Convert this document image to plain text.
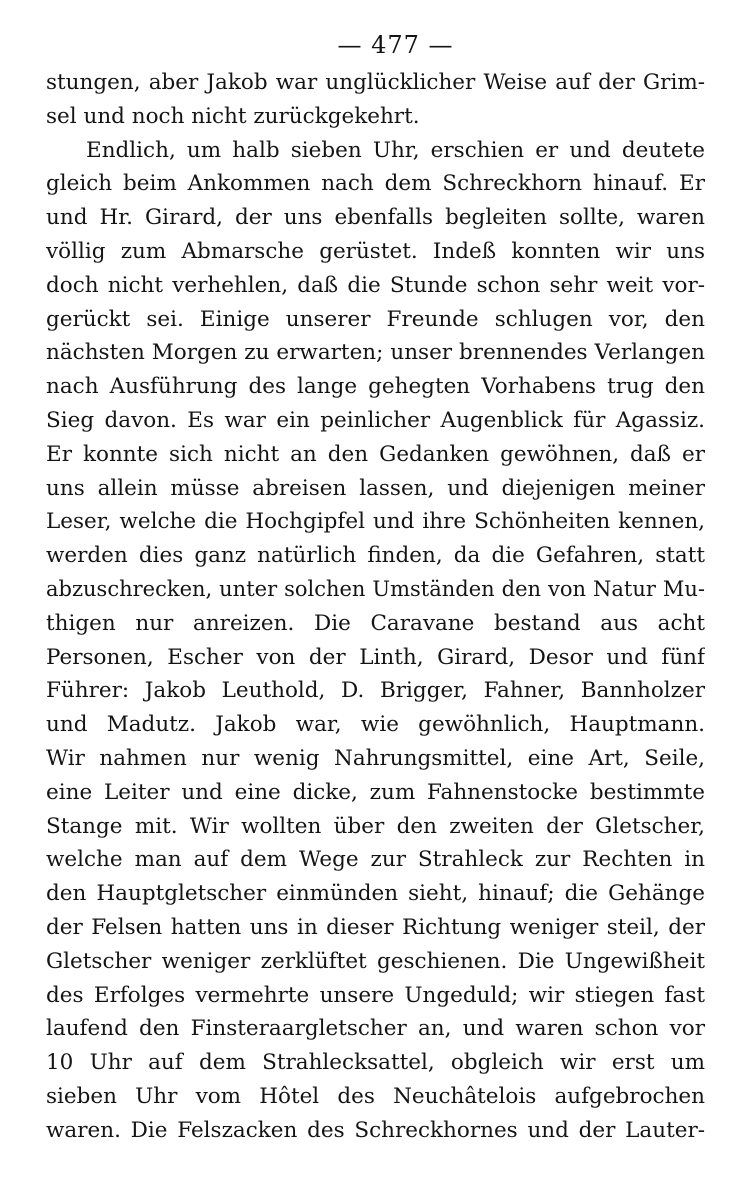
— 477 —
stungen, aber Jakob war unglücklicher Weise auf der Grim-
sel und noch nicht zurückgekehrt.
Endlich, um halb sieben Uhr, erschien er und deutete
gleich beim Ankommen nach dem Schreckhorn hinauf. Er
und Hr. Girard, der uns ebenfalls begleiten sollte, waren
völlig zum Abmarsche gerüstet. Indeß konnten wir uns
doch nicht verhehlen, daß die Stunde schon sehr weit vor-
gerückt sei. Einige unserer Freunde schlugen vor, den
nächsten Morgen zu erwarten; unser brennendes Verlangen
nach Ausführung des lange gehegten Vorhabens trug den
Sieg davon. Es war ein peinlicher Augenblick für Agassiz.
Er konnte sich nicht an den Gedanken gewöhnen, daß er
uns allein müsse abreisen lassen, und diejenigen meiner
Leser, welche die Hochgipfel und ihre Schönheiten kennen,
werden dies ganz natürlich finden, da die Gefahren, statt
abzuschrecken, unter solchen Umständen den von Natur Mu-
thigen nur anreizen. Die Caravane bestand aus acht
Personen, Escher von der Linth, Girard, Desor und fünf
Führer: Jakob Leuthold, D. Brigger, Fahner, Bannholzer
und Madutz. Jakob war, wie gewöhnlich, Hauptmann.
Wir nahmen nur wenig Nahrungsmittel, eine Art, Seile,
eine Leiter und eine dicke, zum Fahnenstocke bestimmte
Stange mit. Wir wollten über den zweiten der Gletscher,
welche man auf dem Wege zur Strahleck zur Rechten in
den Hauptgletscher einmünden sieht, hinauf; die Gehänge
der Felsen hatten uns in dieser Richtung weniger steil, der
Gletscher weniger zerklüftet geschienen. Die Ungewißheit
des Erfolges vermehrte unsere Ungeduld; wir stiegen fast
laufend den Finsteraargletscher an, und waren schon vor
10 Uhr auf dem Strahlecksattel, obgleich wir erst um
sieben Uhr vom Hôtel des Neuchâtelois aufgebrochen
waren. Die Felszacken des Schreckhornes und der Lauter-
